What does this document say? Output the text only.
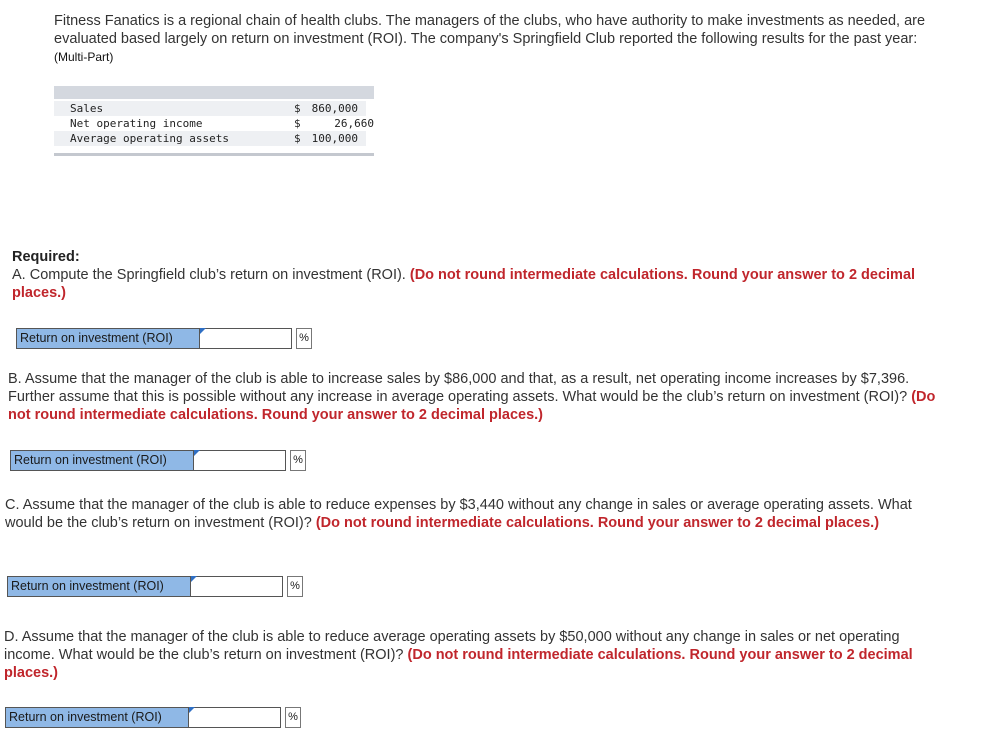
Fitness Fanatics is a regional chain of health clubs. The managers of the clubs, who have authority to make investments as needed, are evaluated based largely on return on investment (ROI). The company's Springfield Club reported the following results for the past year: (Multi-Part)
Sales	$ 860,000
Net operating income	$	26,660
Average operating assets	$ 100,000
Required:
A. Compute the Springfield club’s return on investment (ROI). (Do not round intermediate calculations. Round your answer to 2 decimal places.)
Return on investment (ROI)	%
B. Assume that the manager of the club is able to increase sales by $86,000 and that, as a result, net operating income increases by $7,396. Further assume that this is possible without any increase in average operating assets. What would be the club’s return on investment (ROI)? (Do not round intermediate calculations. Round your answer to 2 decimal places.)
Return on investment (ROI)	%
C. Assume that the manager of the club is able to reduce expenses by $3,440 without any change in sales or average operating assets. What would be the club’s return on investment (ROI)? (Do not round intermediate calculations. Round your answer to 2 decimal places.)
Return on investment (ROI)	%
D. Assume that the manager of the club is able to reduce average operating assets by $50,000 without any change in sales or net operating income. What would be the club’s return on investment (ROI)? (Do not round intermediate calculations. Round your answer to 2 decimal places.)
Return on investment (ROI)	%
